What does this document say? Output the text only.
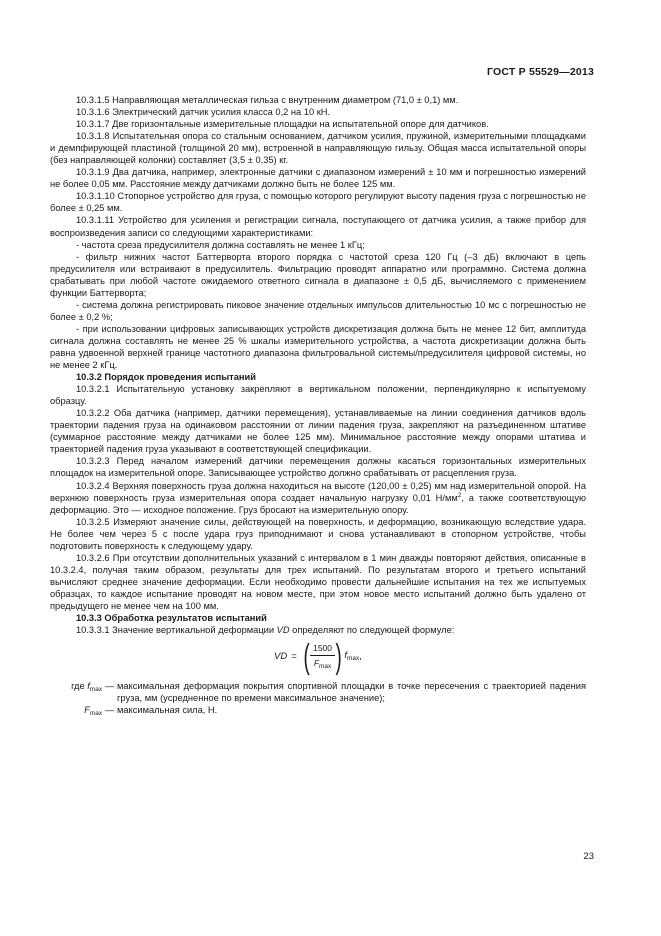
ГОСТ Р 55529—2013

10.3.1.5 Направляющая металлическая гильза с внутренним диаметром (71,0 ± 0,1) мм.

10.3.1.6 Электрический датчик усилия класса 0,2 на 10 кН.

10.3.1.7 Две горизонтальные измерительные площадки на испытательной опоре для датчиков.

10.3.1.8 Испытательная опора со стальным основанием, датчиком усилия, пружиной, измерительными площадками и демпфирующей пластиной (толщиной 20 мм), встроенной в направляющую гильзу. Общая масса испытательной опоры (без направляющей колонки) составляет (3,5 ± 0,35) кг.

10.3.1.9 Два датчика, например, электронные датчики с диапазоном измерений ± 10 мм и погрешностью измерений не более 0,05 мм. Расстояние между датчиками должно быть не более 125 мм.

10.3.1.10 Стопорное устройство для груза, с помощью которого регулируют высоту падения груза с погрешностью не более ± 0,25 мм.

10.3.1.11 Устройство для усиления и регистрации сигнала, поступающего от датчика усилия, а также прибор для воспроизведения записи со следующими характеристиками:

- частота среза предусилителя должна составлять не менее 1 кГц;

- фильтр нижних частот Баттерворта второго порядка с частотой среза 120 Гц (–3 дБ) включают в цепь предусилителя или встраивают в предусилитель. Фильтрацию проводят аппаратно или программно. Система должна срабатывать при любой частоте ожидаемого ответного сигнала в диапазоне ± 0,5 дБ, вычисляемого с применением функции Баттерворта;

- система должна регистрировать пиковое значение отдельных импульсов длительностью 10 мс с погрешностью не более ± 0,2 %;

- при использовании цифровых записывающих устройств дискретизация должна быть не менее 12 бит, амплитуда сигнала должна составлять не менее 25 % шкалы измерительного устройства, а частота дискретизации должна быть равна удвоенной верхней границе частотного диапазона фильтровальной системы/предусилителя цифровой системы, но не менее 2 кГц.

10.3.2 Порядок проведения испытаний

10.3.2.1 Испытательную установку закрепляют в вертикальном положении, перпендикулярно к испытуемому образцу.

10.3.2.2 Оба датчика (например, датчики перемещения), устанавливаемые на линии соединения датчиков вдоль траектории падения груза на одинаковом расстоянии от линии падения груза, закрепляют на разъединенном штативе (суммарное расстояние между датчиками не более 125 мм). Минимальное расстояние между опорами штатива и траекторией падения груза указывают в соответствующей спецификации.

10.3.2.3 Перед началом измерений датчики перемещения должны касаться горизонтальных измерительных площадок на измерительной опоре. Записывающее устройство должно срабатывать от расцепления груза.

10.3.2.4 Верхняя поверхность груза должна находиться на высоте (120,00 ± 0,25) мм над измерительной опорой. На верхнюю поверхность груза измерительная опора создает начальную нагрузку 0,01 $Н/мм^2$, а также соответствующую деформацию. Это — исходное положение. Груз бросают на измерительную опору.

10.3.2.5 Измеряют значение силы, действующей на поверхность, и деформацию, возникающую вследствие удара. Не более чем через 5 с после удара груз приподнимают и снова устанавливают в стопорном устройстве, чтобы подготовить поверхность к следующему удару.

10.3.2.6 При отсутствии дополнительных указаний с интервалом в 1 мин дважды повторяют действия, описанные в 10.3.2.4, получая таким образом, результаты для трех испытаний. По результатам второго и третьего испытаний вычисляют среднее значение деформации. Если необходимо провести дальнейшие испытания на тех же испытуемых образцах, то каждое испытание проводят на новом месте, при этом новое место испытаний должно быть удалено от предыдущего не менее чем на 100 мм.

10.3.3 Обработка результатов испытаний

10.3.3.1 Значение вертикальной деформации VD определяют по следующей формуле:

VD = ( $\frac{1500}{F_{max}}$ ) $f_{max}$ ,
где $f_{max}$ — максимальная деформация покрытия спортивной площадки в точке пересечения с траекторией падения груза, мм (усредненное по времени максимальное значение);
$F_{max}$ — максимальная сила, Н.
23
